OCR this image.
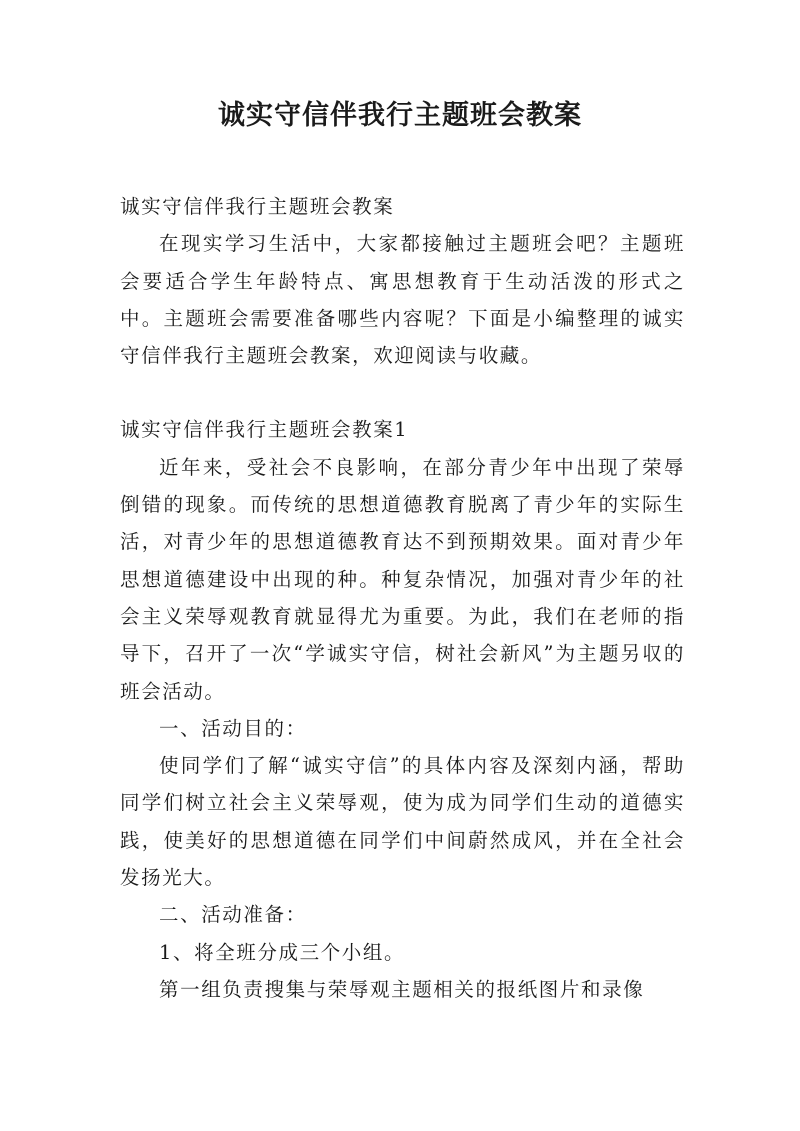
诚实守信伴我行主题班会教案

诚实守信伴我行主题班会教案

在现实学习生活中，大家都接触过主题班会吧？主题班会要适合学生年龄特点、寓思想教育于生动活泼的形式之中。主题班会需要准备哪些内容呢？下面是小编整理的诚实守信伴我行主题班会教案，欢迎阅读与收藏。

诚实守信伴我行主题班会教案1

近年来，受社会不良影响，在部分青少年中出现了荣辱倒错的现象。而传统的思想道德教育脱离了青少年的实际生活，对青少年的思想道德教育达不到预期效果。面对青少年思想道德建设中出现的种。种复杂情况，加强对青少年的社会主义荣辱观教育就显得尤为重要。为此，我们在老师的指导下，召开了一次“学诚实守信，树社会新风”为主题另収的班会活动。

一、活动目的：

使同学们了解“诚实守信”的具体内容及深刻内涵，帮助同学们树立社会主义荣辱观，使为成为同学们生动的道德实践，使美好的思想道德在同学们中间蔚然成风，并在全社会发扬光大。

二、活动准备：

1、将全班分成三个小组。

第一组负责搜集与荣辱观主题相关的报纸图片和录像
